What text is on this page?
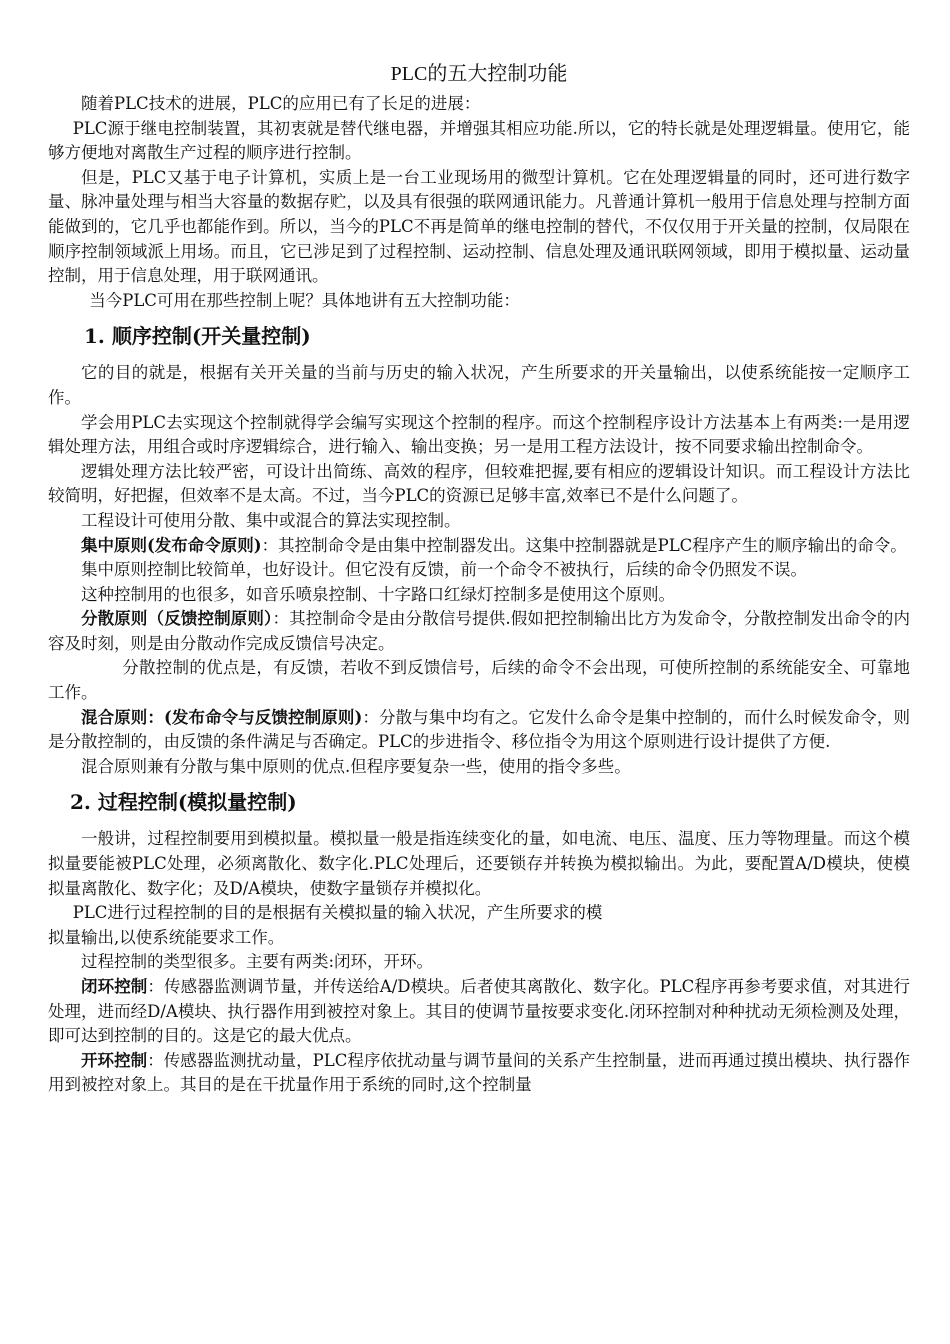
PLC的五大控制功能

随着PLC技术的进展，PLC的应用已有了长足的进展：

PLC源于继电控制装置，其初衷就是替代继电器，并增强其相应功能.所以，它的特长就是处理逻辑量。使用它，能够方便地对离散生产过程的顺序进行控制。

但是，PLC又基于电子计算机，实质上是一台工业现场用的微型计算机。它在处理逻辑量的同时，还可进行数字量、脉冲量处理与相当大容量的数据存贮，以及具有很强的联网通讯能力。凡普通计算机一般用于信息处理与控制方面能做到的，它几乎也都能作到。所以，当今的PLC不再是简单的继电控制的替代，不仅仅用于开关量的控制，仅局限在顺序控制领域派上用场。而且，它已涉足到了过程控制、运动控制、信息处理及通讯联网领域，即用于模拟量、运动量控制，用于信息处理，用于联网通讯。

当今PLC可用在那些控制上呢？具体地讲有五大控制功能：

1. 顺序控制(开关量控制)

它的目的就是，根据有关开关量的当前与历史的输入状况，产生所要求的开关量输出，以使系统能按一定顺序工作。

学会用PLC去实现这个控制就得学会编写实现这个控制的程序。而这个控制程序设计方法基本上有两类:一是用逻辑处理方法，用组合或时序逻辑综合，进行输入、输出变换；另一是用工程方法设计，按不同要求输出控制命令。

逻辑处理方法比较严密，可设计出简练、高效的程序，但较难把握,要有相应的逻辑设计知识。而工程设计方法比较简明，好把握，但效率不是太高。不过，当今PLC的资源已足够丰富,效率已不是什么问题了。

工程设计可使用分散、集中或混合的算法实现控制。

集中原则(发布命令原则)：其控制命令是由集中控制器发出。这集中控制器就是PLC程序产生的顺序输出的命令。

集中原则控制比较简单，也好设计。但它没有反馈，前一个命令不被执行，后续的命令仍照发不误。

这种控制用的也很多，如音乐喷泉控制、十字路口红绿灯控制多是使用这个原则。

分散原则（反馈控制原则）：其控制命令是由分散信号提供.假如把控制输出比方为发命令，分散控制发出命令的内容及时刻，则是由分散动作完成反馈信号决定。

分散控制的优点是，有反馈，若收不到反馈信号，后续的命令不会出现，可使所控制的系统能安全、可靠地工作。

混合原则：(发布命令与反馈控制原则)：分散与集中均有之。它发什么命令是集中控制的，而什么时候发命令，则是分散控制的，由反馈的条件满足与否确定。PLC的步进指令、移位指令为用这个原则进行设计提供了方便.

混合原则兼有分散与集中原则的优点.但程序要复杂一些，使用的指令多些。

2. 过程控制(模拟量控制)

一般讲，过程控制要用到模拟量。模拟量一般是指连续变化的量，如电流、电压、温度、压力等物理量。而这个模拟量要能被PLC处理，必须离散化、数字化.PLC处理后，还要锁存并转换为模拟输出。为此，要配置A/D模块，使模拟量离散化、数字化；及D/A模块，使数字量锁存并模拟化。

PLC进行过程控制的目的是根据有关模拟量的输入状况，产生所要求的模

拟量输出,以使系统能要求工作。

过程控制的类型很多。主要有两类:闭环，开环。

闭环控制：传感器监测调节量，并传送给A/D模块。后者使其离散化、数字化。PLC程序再参考要求值，对其进行处理，进而经D/A模块、执行器作用到被控对象上。其目的使调节量按要求变化.闭环控制对种种扰动无须检测及处理，即可达到控制的目的。这是它的最大优点。

开环控制：传感器监测扰动量，PLC程序依扰动量与调节量间的关系产生控制量，进而再通过摸出模块、执行器作用到被控对象上。其目的是在干扰量作用于系统的同时,这个控制量
